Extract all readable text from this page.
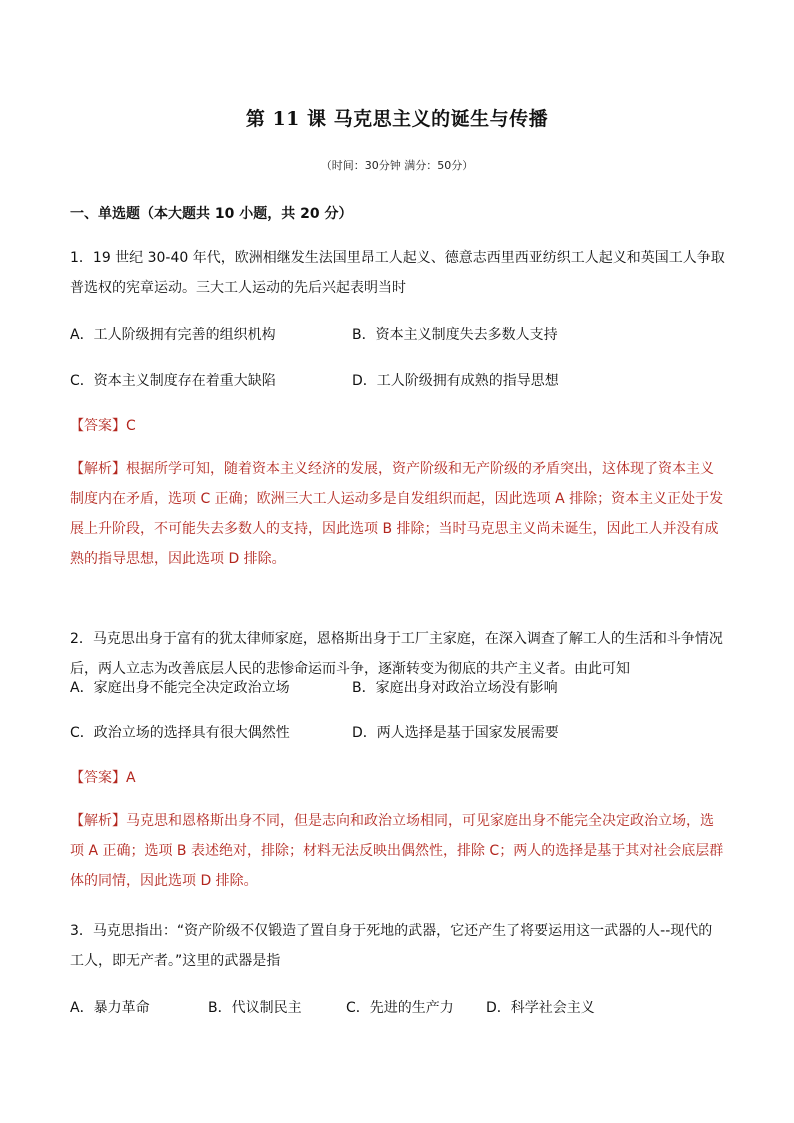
第 11 课 马克思主义的诞生与传播
（时间：30分钟 满分：50分）
一、单选题（本大题共 10 小题，共 20 分）

1．19 世纪 30-40 年代，欧洲相继发生法国里昂工人起义、德意志西里西亚纺织工人起义和英国工人争取普选权的宪章运动。三大工人运动的先后兴起表明当时

A．工人阶级拥有完善的组织机构	B．资本主义制度失去多数人支持
C．资本主义制度存在着重大缺陷	D．工人阶级拥有成熟的指导思想
【答案】C

【解析】根据所学可知，随着资本主义经济的发展，资产阶级和无产阶级的矛盾突出，这体现了资本主义制度内在矛盾，选项 C 正确；欧洲三大工人运动多是自发组织而起，因此选项 A 排除；资本主义正处于发展上升阶段，不可能失去多数人的支持，因此选项 B 排除；当时马克思主义尚未诞生，因此工人并没有成熟的指导思想，因此选项 D 排除。

2．马克思出身于富有的犹太律师家庭，恩格斯出身于工厂主家庭，在深入调查了解工人的生活和斗争情况后，两人立志为改善底层人民的悲惨命运而斗争，逐渐转变为彻底的共产主义者。由此可知

A．家庭出身不能完全决定政治立场	B．家庭出身对政治立场没有影响
C．政治立场的选择具有很大偶然性	D．两人选择是基于国家发展需要
【答案】A

【解析】马克思和恩格斯出身不同，但是志向和政治立场相同，可见家庭出身不能完全决定政治立场，选项 A 正确；选项 B 表述绝对，排除；材料无法反映出偶然性，排除 C；两人的选择是基于其对社会底层群体的同情，因此选项 D 排除。

3．马克思指出：“资产阶级不仅锻造了置自身于死地的武器，它还产生了将要运用这一武器的人--现代的工人，即无产者。”这里的武器是指

A．暴力革命	B．代议制民主	C．先进的生产力 D．科学社会主义
